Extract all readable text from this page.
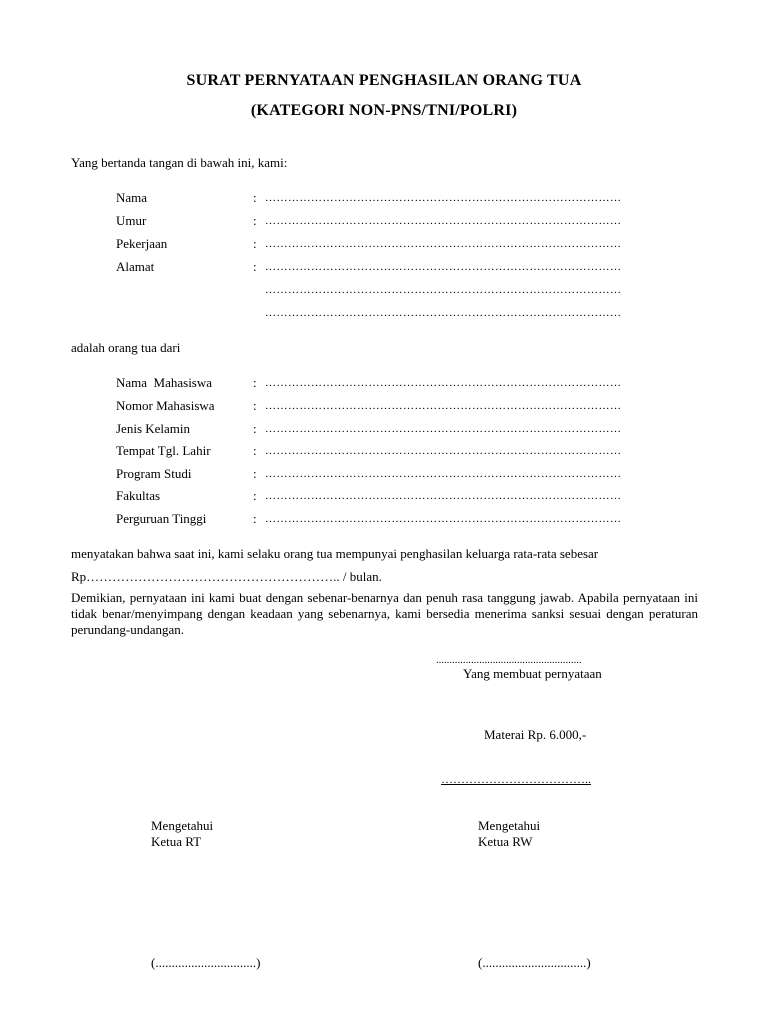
SURAT PERNYATAAN PENGHASILAN ORANG TUA
(KATEGORI NON-PNS/TNI/POLRI)
Yang bertanda tangan di bawah ini, kami:
Nama	: …………………………………………………………………………………
Umur	: …………………………………………………………………………………
Pekerjaan	: …………………………………………………………………………………
Alamat	: …………………………………………………………………………………
…………………………………………………………………………………
…………………………………………………………………………………
adalah orang tua dari
Nama  Mahasiswa	: …………………………………………………………………………………
Nomor Mahasiswa	: …………………………………………………………………………………
Jenis Kelamin	: …………………………………………………………………………………
Tempat Tgl. Lahir	: …………………………………………………………………………………
Program Studi	: …………………………………………………………………………………
Fakultas	: …………………………………………………………………………………
Perguruan Tinggi	: …………………………………………………………………………………
menyatakan bahwa saat ini, kami selaku orang tua mempunyai penghasilan keluarga rata-rata sebesar
Rp………………………………………………….. / bulan.
Demikian, pernyataan ini kami buat dengan sebenar-benarnya dan penuh rasa tanggung jawab. Apabila pernyataan ini tidak benar/menyimpang dengan keadaan yang sebenarnya, kami bersedia menerima sanksi sesuai dengan peraturan perundang-undangan.
......................................................
Yang membuat pernyataan
Materai Rp. 6.000,-
………………………………..
Mengetahui
Ketua RT
Mengetahui
Ketua RW
(...............................)	(................................)
